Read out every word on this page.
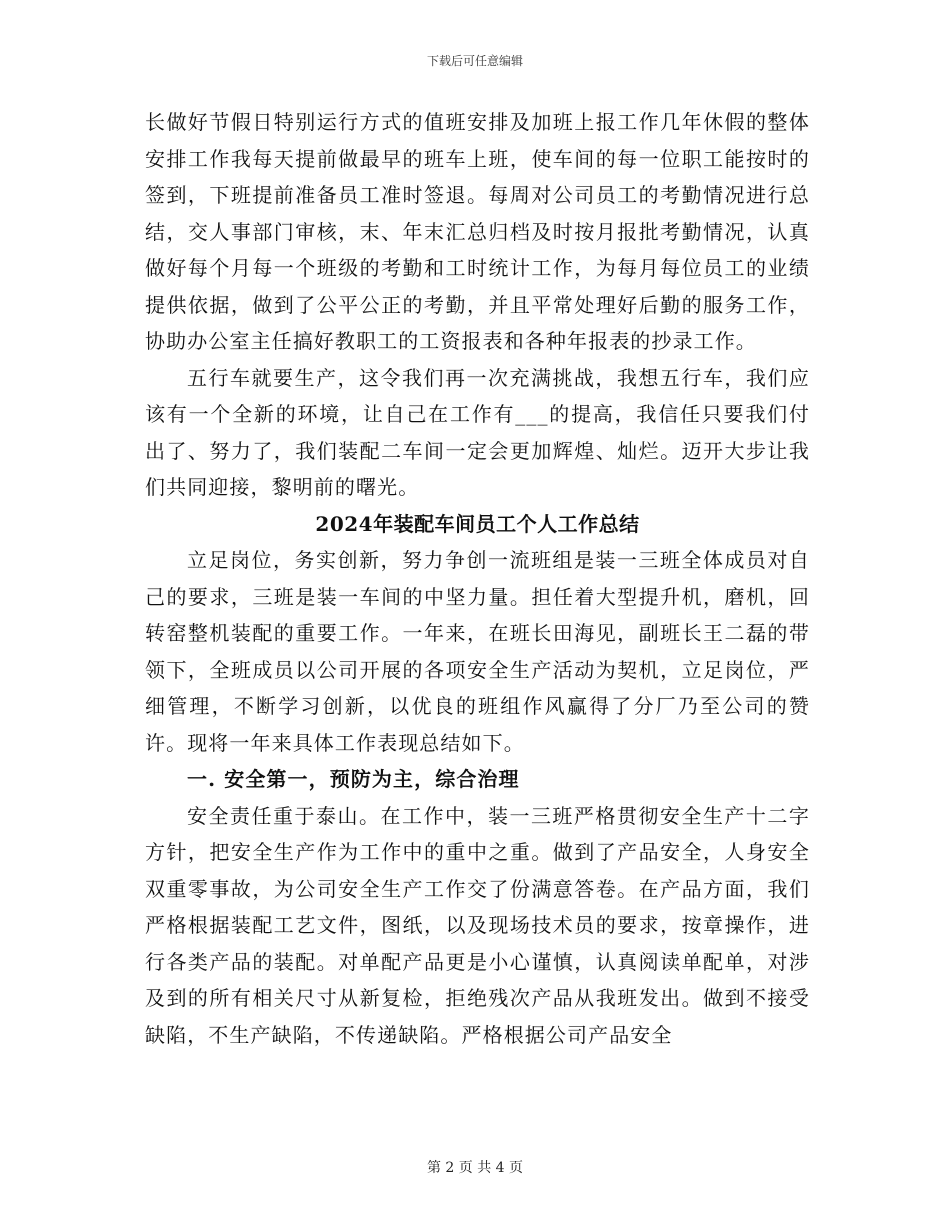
下载后可任意编辑

长做好节假日特别运行方式的值班安排及加班上报工作几年休假的整体安排工作我每天提前做最早的班车上班，使车间的每一位职工能按时的签到，下班提前准备员工准时签退。每周对公司员工的考勤情况进行总结，交人事部门审核，末、年末汇总归档及时按月报批考勤情况，认真做好每个月每一个班级的考勤和工时统计工作，为每月每位员工的业绩提供依据，做到了公平公正的考勤，并且平常处理好后勤的服务工作，协助办公室主任搞好教职工的工资报表和各种年报表的抄录工作。

五行车就要生产，这令我们再一次充满挑战，我想五行车，我们应该有一个全新的环境，让自己在工作有___的提高，我信任只要我们付出了、努力了，我们装配二车间一定会更加辉煌、灿烂。迈开大步让我们共同迎接，黎明前的曙光。

2024年装配车间员工个人工作总结

立足岗位，务实创新，努力争创一流班组是装一三班全体成员对自己的要求，三班是装一车间的中坚力量。担任着大型提升机，磨机，回转窑整机装配的重要工作。一年来，在班长田海见，副班长王二磊的带领下，全班成员以公司开展的各项安全生产活动为契机，立足岗位，严细管理，不断学习创新，以优良的班组作风赢得了分厂乃至公司的赞许。现将一年来具体工作表现总结如下。

一. 安全第一，预防为主，综合治理

安全责任重于泰山。在工作中，装一三班严格贯彻安全生产十二字方针，把安全生产作为工作中的重中之重。做到了产品安全，人身安全双重零事故，为公司安全生产工作交了份满意答卷。在产品方面，我们严格根据装配工艺文件，图纸，以及现场技术员的要求，按章操作，进行各类产品的装配。对单配产品更是小心谨慎，认真阅读单配单，对涉及到的所有相关尺寸从新复检，拒绝残次产品从我班发出。做到不接受缺陷，不生产缺陷，不传递缺陷。严格根据公司产品安全

第 2 页 共 4 页
